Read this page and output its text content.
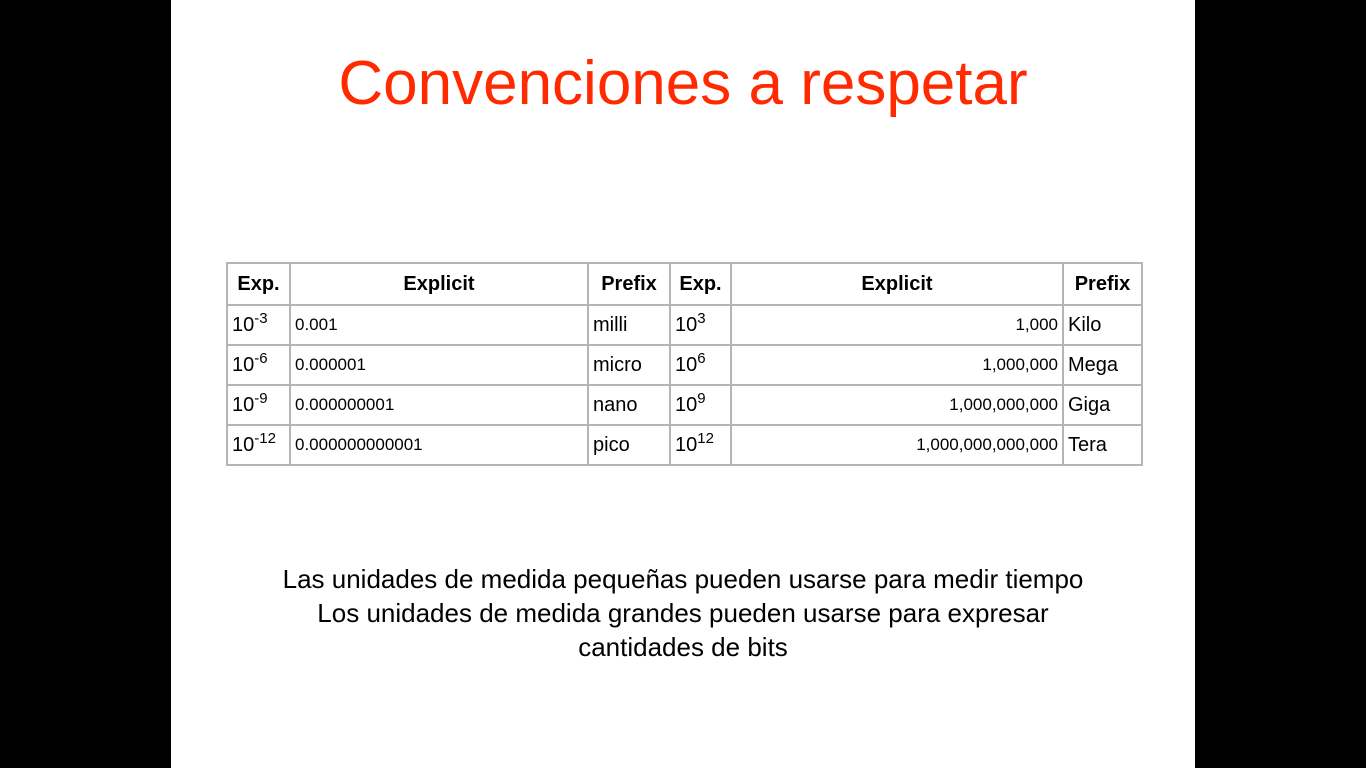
Convenciones a respetar
Exp.	Explicit	Prefix	Exp.	Explicit	Prefix
$10^{-3}$	0.001	milli	$10^3$	1,000	Kilo
$10^{-6}$	0.000001	micro	$10^6$	1,000,000	Mega
$10^{-9}$	0.000000001	nano	$10^9$	1,000,000,000	Giga
$10^{-12}$	0.000000000001	pico	$10^{12}$	1,000,000,000,000	Tera
Las unidades de medida pequeñas pueden usarse para medir tiempo
Los unidades de medida grandes pueden usarse para expresar
cantidades de bits
